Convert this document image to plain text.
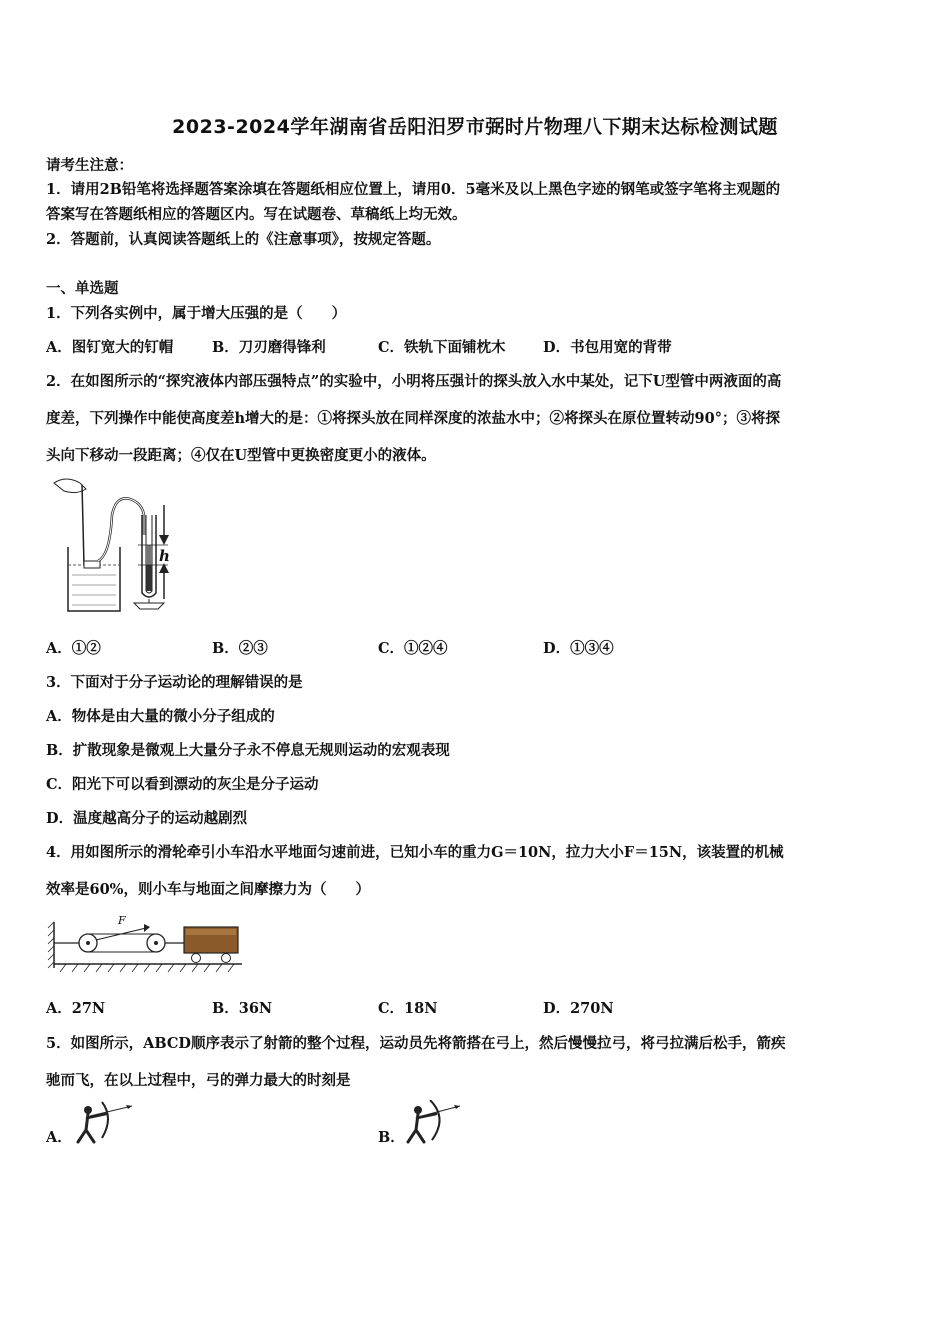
2023-2024学年湖南省岳阳汨罗市弼时片物理八下期末达标检测试题
请考生注意：
1．请用2B铅笔将选择题答案涂填在答题纸相应位置上，请用0．5毫米及以上黑色字迹的钢笔或签字笔将主观题的
答案写在答题纸相应的答题区内。写在试题卷、草稿纸上均无效。
2．答题前，认真阅读答题纸上的《注意事项》，按规定答题。
一、单选题
1．下列各实例中，属于增大压强的是（　　）
A．图钉宽大的钉帽	B．刀刃磨得锋利	C．铁轨下面铺枕木	D．书包用宽的背带
2．在如图所示的“探究液体内部压强特点”的实验中，小明将压强计的探头放入水中某处，记下U型管中两液面的高
度差，下列操作中能使高度差h增大的是：①将探头放在同样深度的浓盐水中；②将探头在原位置转动90°；③将探
头向下移动一段距离；④仅在U型管中更换密度更小的液体。
h
A．①②	B．②③	C．①②④	D．①③④
3．下面对于分子运动论的理解错误的是
A．物体是由大量的微小分子组成的
B．扩散现象是微观上大量分子永不停息无规则运动的宏观表现
C．阳光下可以看到漂动的灰尘是分子运动
D．温度越高分子的运动越剧烈
4．用如图所示的滑轮牵引小车沿水平地面匀速前进，已知小车的重力G＝10N，拉力大小F＝15N，该装置的机械
效率是60%，则小车与地面之间摩擦力为（　　）
F
A．27N	B．36N	C．18N	D．270N
5．如图所示，ABCD顺序表示了射箭的整个过程，运动员先将箭搭在弓上，然后慢慢拉弓，将弓拉满后松手，箭疾
驰而飞，在以上过程中，弓的弹力最大的时刻是
A．	B．
